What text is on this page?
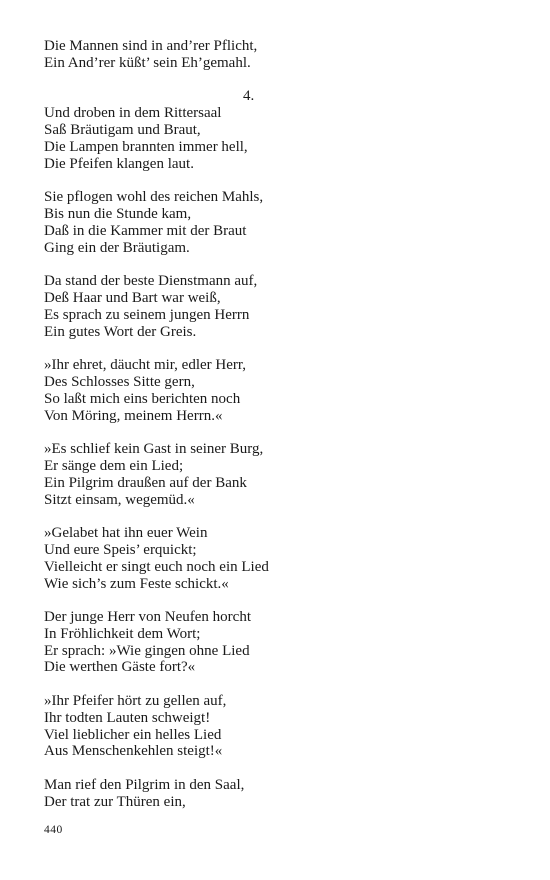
Die Mannen sind in and’rer Pflicht,
Ein And’rer küßt’ sein Eh’gemahl.
4.
Und droben in dem Rittersaal
Saß Bräutigam und Braut,
Die Lampen brannten immer hell,
Die Pfeifen klangen laut.
Sie pflogen wohl des reichen Mahls,
Bis nun die Stunde kam,
Daß in die Kammer mit der Braut
Ging ein der Bräutigam.
Da stand der beste Dienstmann auf,
Deß Haar und Bart war weiß,
Es sprach zu seinem jungen Herrn
Ein gutes Wort der Greis.
»Ihr ehret, däucht mir, edler Herr,
Des Schlosses Sitte gern,
So laßt mich eins berichten noch
Von Möring, meinem Herrn.«
»Es schlief kein Gast in seiner Burg,
Er sänge dem ein Lied;
Ein Pilgrim draußen auf der Bank
Sitzt einsam, wegemüd.«
»Gelabet hat ihn euer Wein
Und eure Speis’ erquickt;
Vielleicht er singt euch noch ein Lied
Wie sich’s zum Feste schickt.«
Der junge Herr von Neufen horcht
In Fröhlichkeit dem Wort;
Er sprach: »Wie gingen ohne Lied
Die werthen Gäste fort?«
»Ihr Pfeifer hört zu gellen auf,
Ihr todten Lauten schweigt!
Viel lieblicher ein helles Lied
Aus Menschenkehlen steigt!«
Man rief den Pilgrim in den Saal,
Der trat zur Thüren ein,
440
